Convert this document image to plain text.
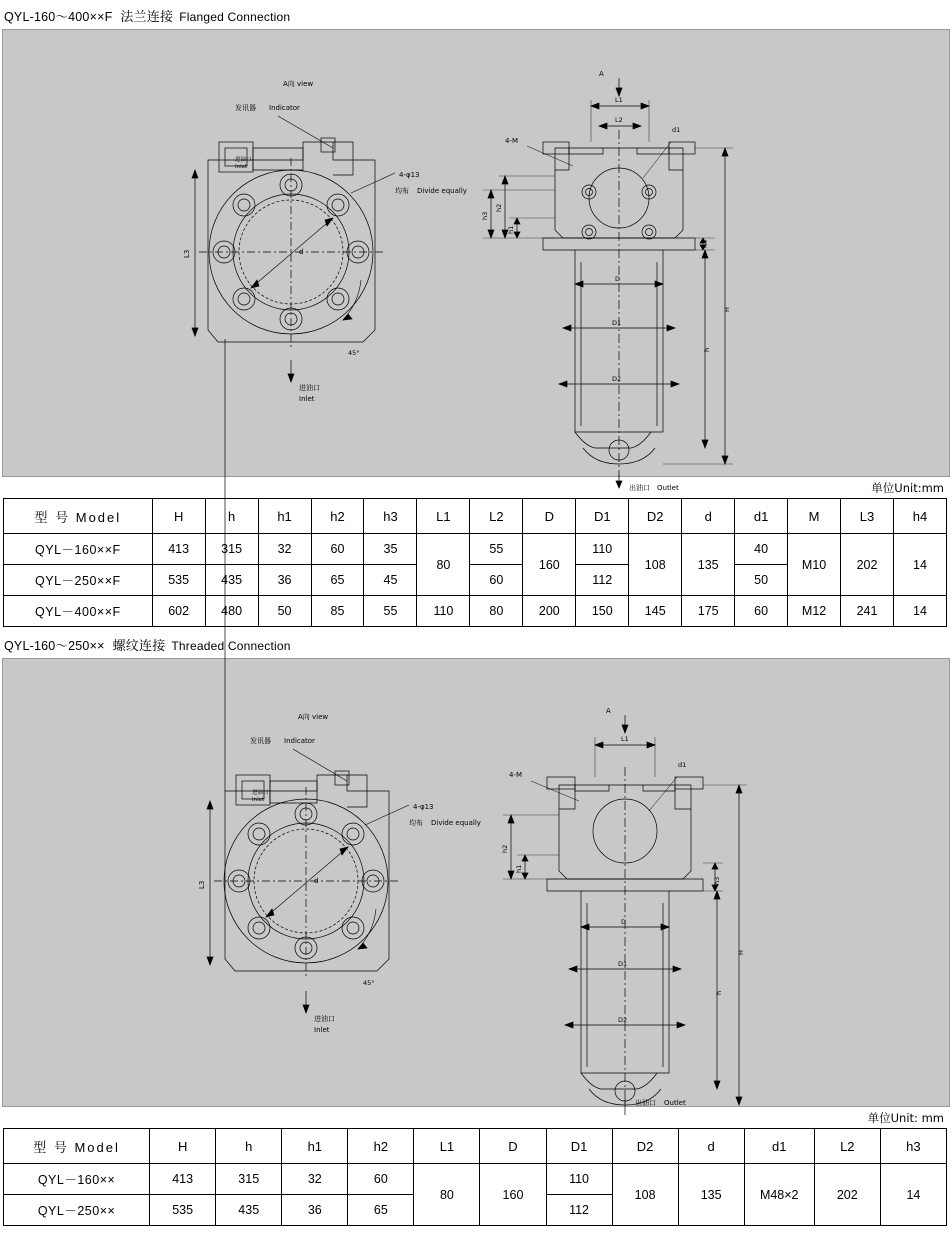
QYL-160～400××F 法兰连接 Flanged Connection
A向 view
发讯器 Indicator
4-φ13
均布 Divide equally
45°
进油口
Inlet
进油口
Inlet
d
L3
A
L1
L2
d1
4-M
h2
h3
h1
h4
D
D1
D2
H
h
出油口 Outlet	单位Unit:mm
型 号 Model	H	h	h1	h2	h3	L1	L2	D	D1	D2	d	d1	M	L3	h4
QYL－160××F	413	315	32	60	35	80	55	160	110	108	135	40	M10	202	14
QYL－250××F	535	435	36	65	45		60		112			50			
QYL－400××F	602	480	50	85	55	110	80	200	150	145	175	60	M12	241	14
QYL-160～250×× 螺纹连接 Threaded Connection
A向 view
发讯器 Indicator
4-φ13
均布 Divide equally
45°
进油口
Inlet
进油口
Inlet
d
L3
A
L1
d1
4-M
h2
h1
h3
D
D1
D2
H
h
出油口 Outlet
单位Unit: mm
型 号 Model	H	h	h1	h2	L1	D	D1	D2	d	d1	L2	h3
QYL－160××	413	315	32	60	80	160	110	108	135	M48×2	202	14
QYL－250××	535	435	36	65			112					
